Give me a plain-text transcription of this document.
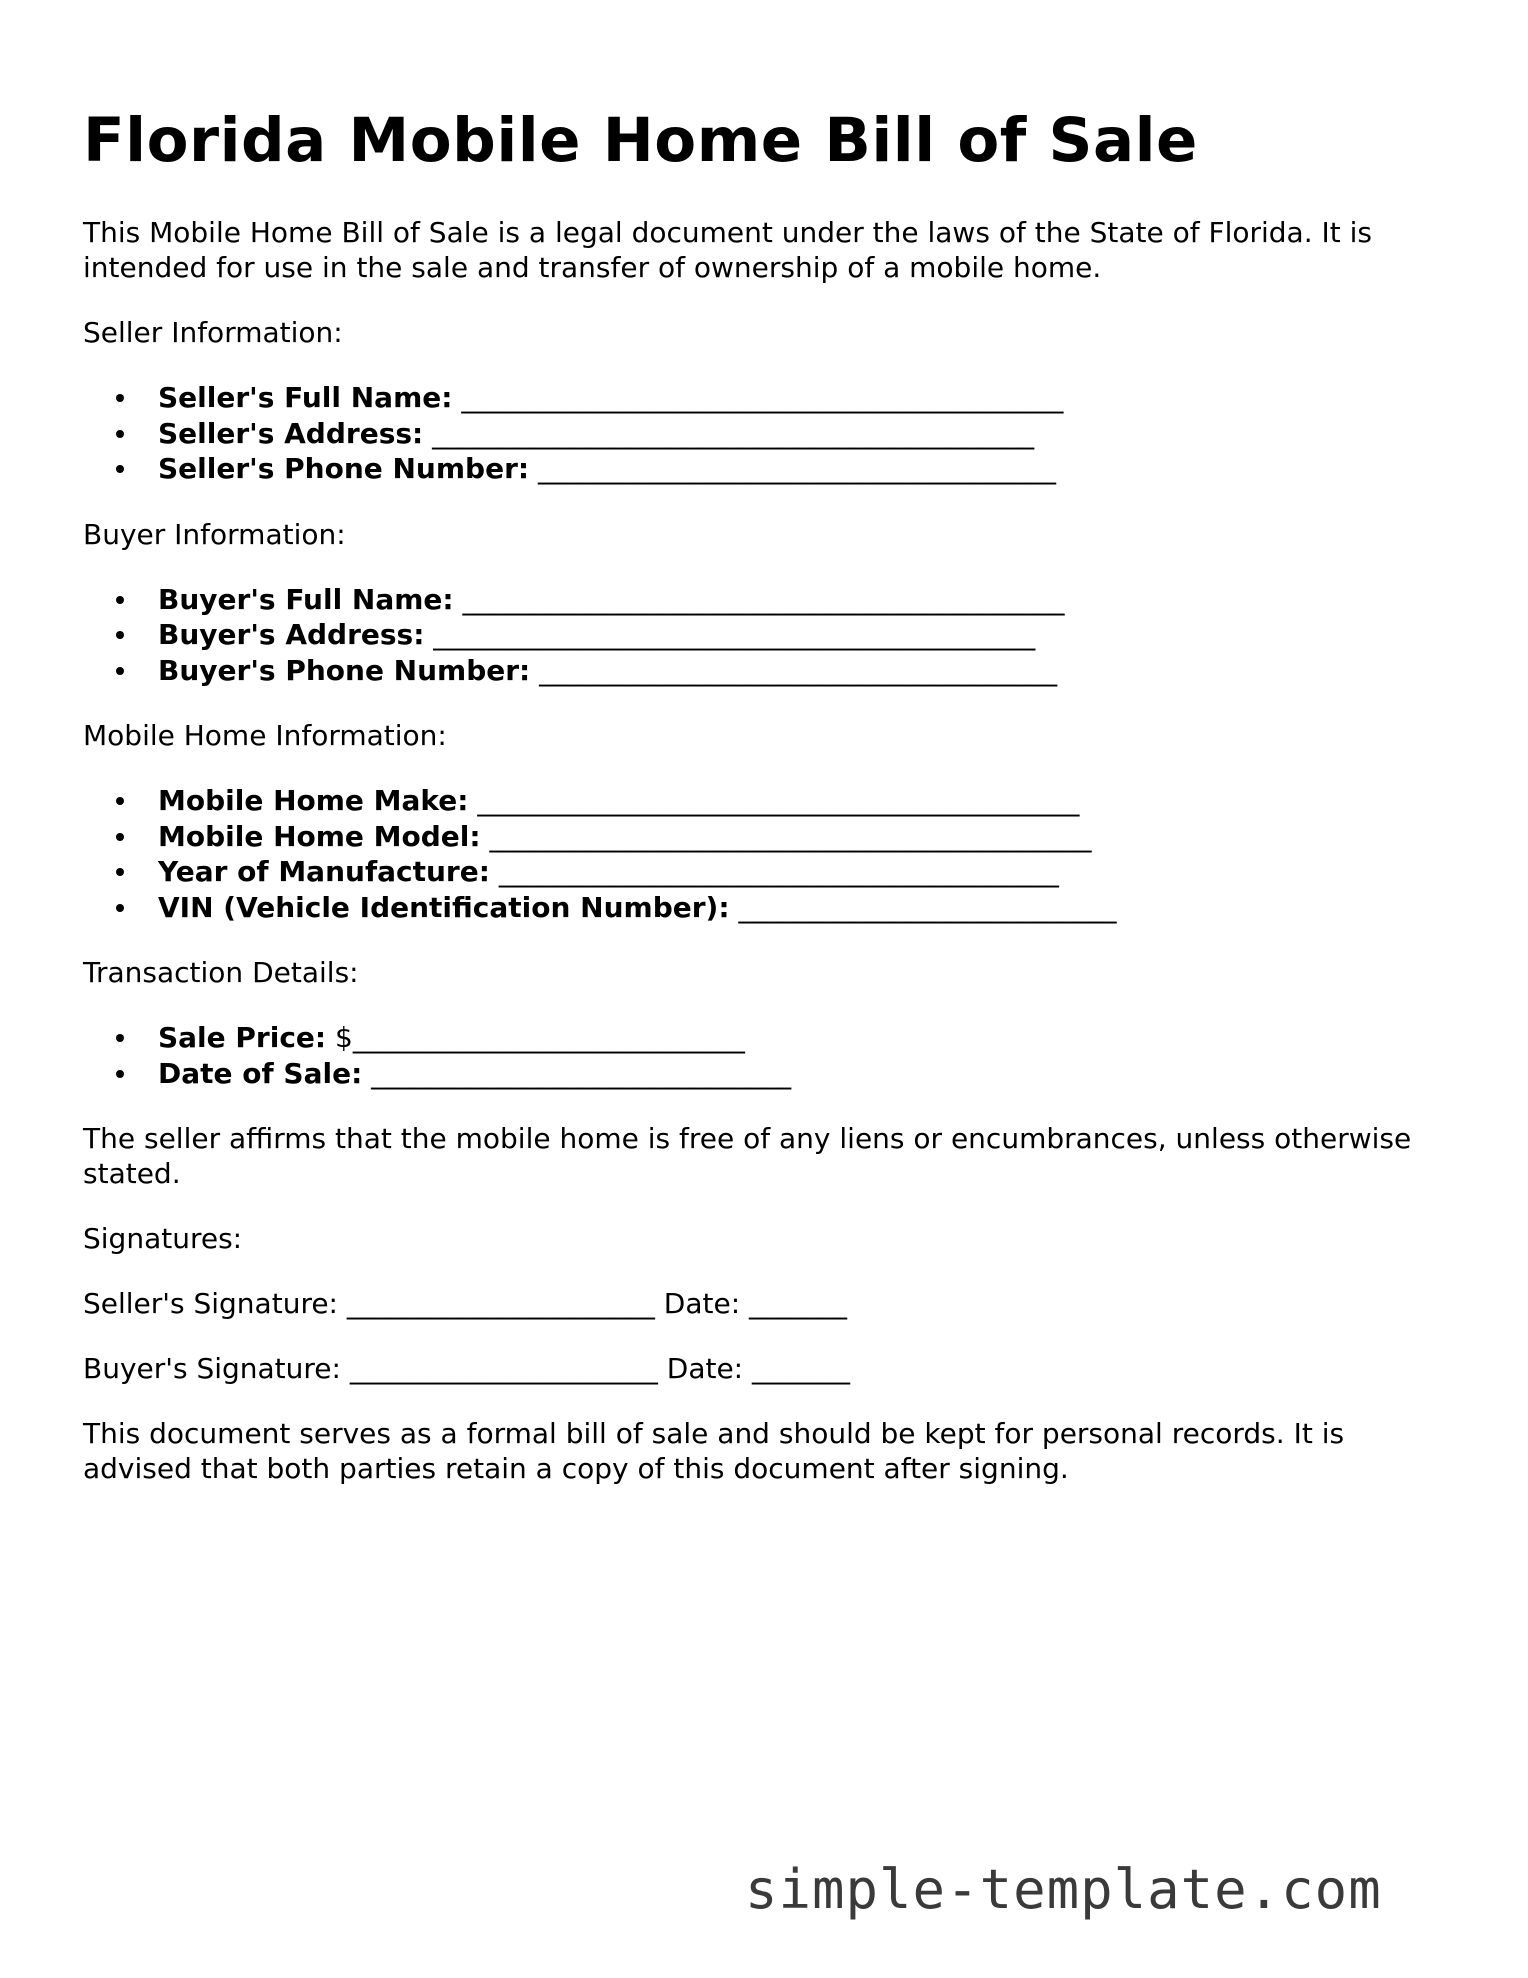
Florida Mobile Home Bill of Sale

This Mobile Home Bill of Sale is a legal document under the laws of the State of Florida. It is intended for use in the sale and transfer of ownership of a mobile home.

Seller Information:

Seller's Full Name: ___________________________________________
Seller's Address: ___________________________________________
Seller's Phone Number: _____________________________________

Buyer Information:

Buyer's Full Name: ___________________________________________
Buyer's Address: ___________________________________________
Buyer's Phone Number: _____________________________________

Mobile Home Information:

Mobile Home Make: ___________________________________________
Mobile Home Model: ___________________________________________
Year of Manufacture: ________________________________________
VIN (Vehicle Identification Number): ___________________________

Transaction Details:

Sale Price: $____________________________
Date of Sale: ______________________________

The seller affirms that the mobile home is free of any liens or encumbrances, unless otherwise stated.

Signatures:

Seller's Signature: ______________________ Date: _______

Buyer's Signature: ______________________ Date: _______

This document serves as a formal bill of sale and should be kept for personal records. It is advised that both parties retain a copy of this document after signing.

simple-template.com
